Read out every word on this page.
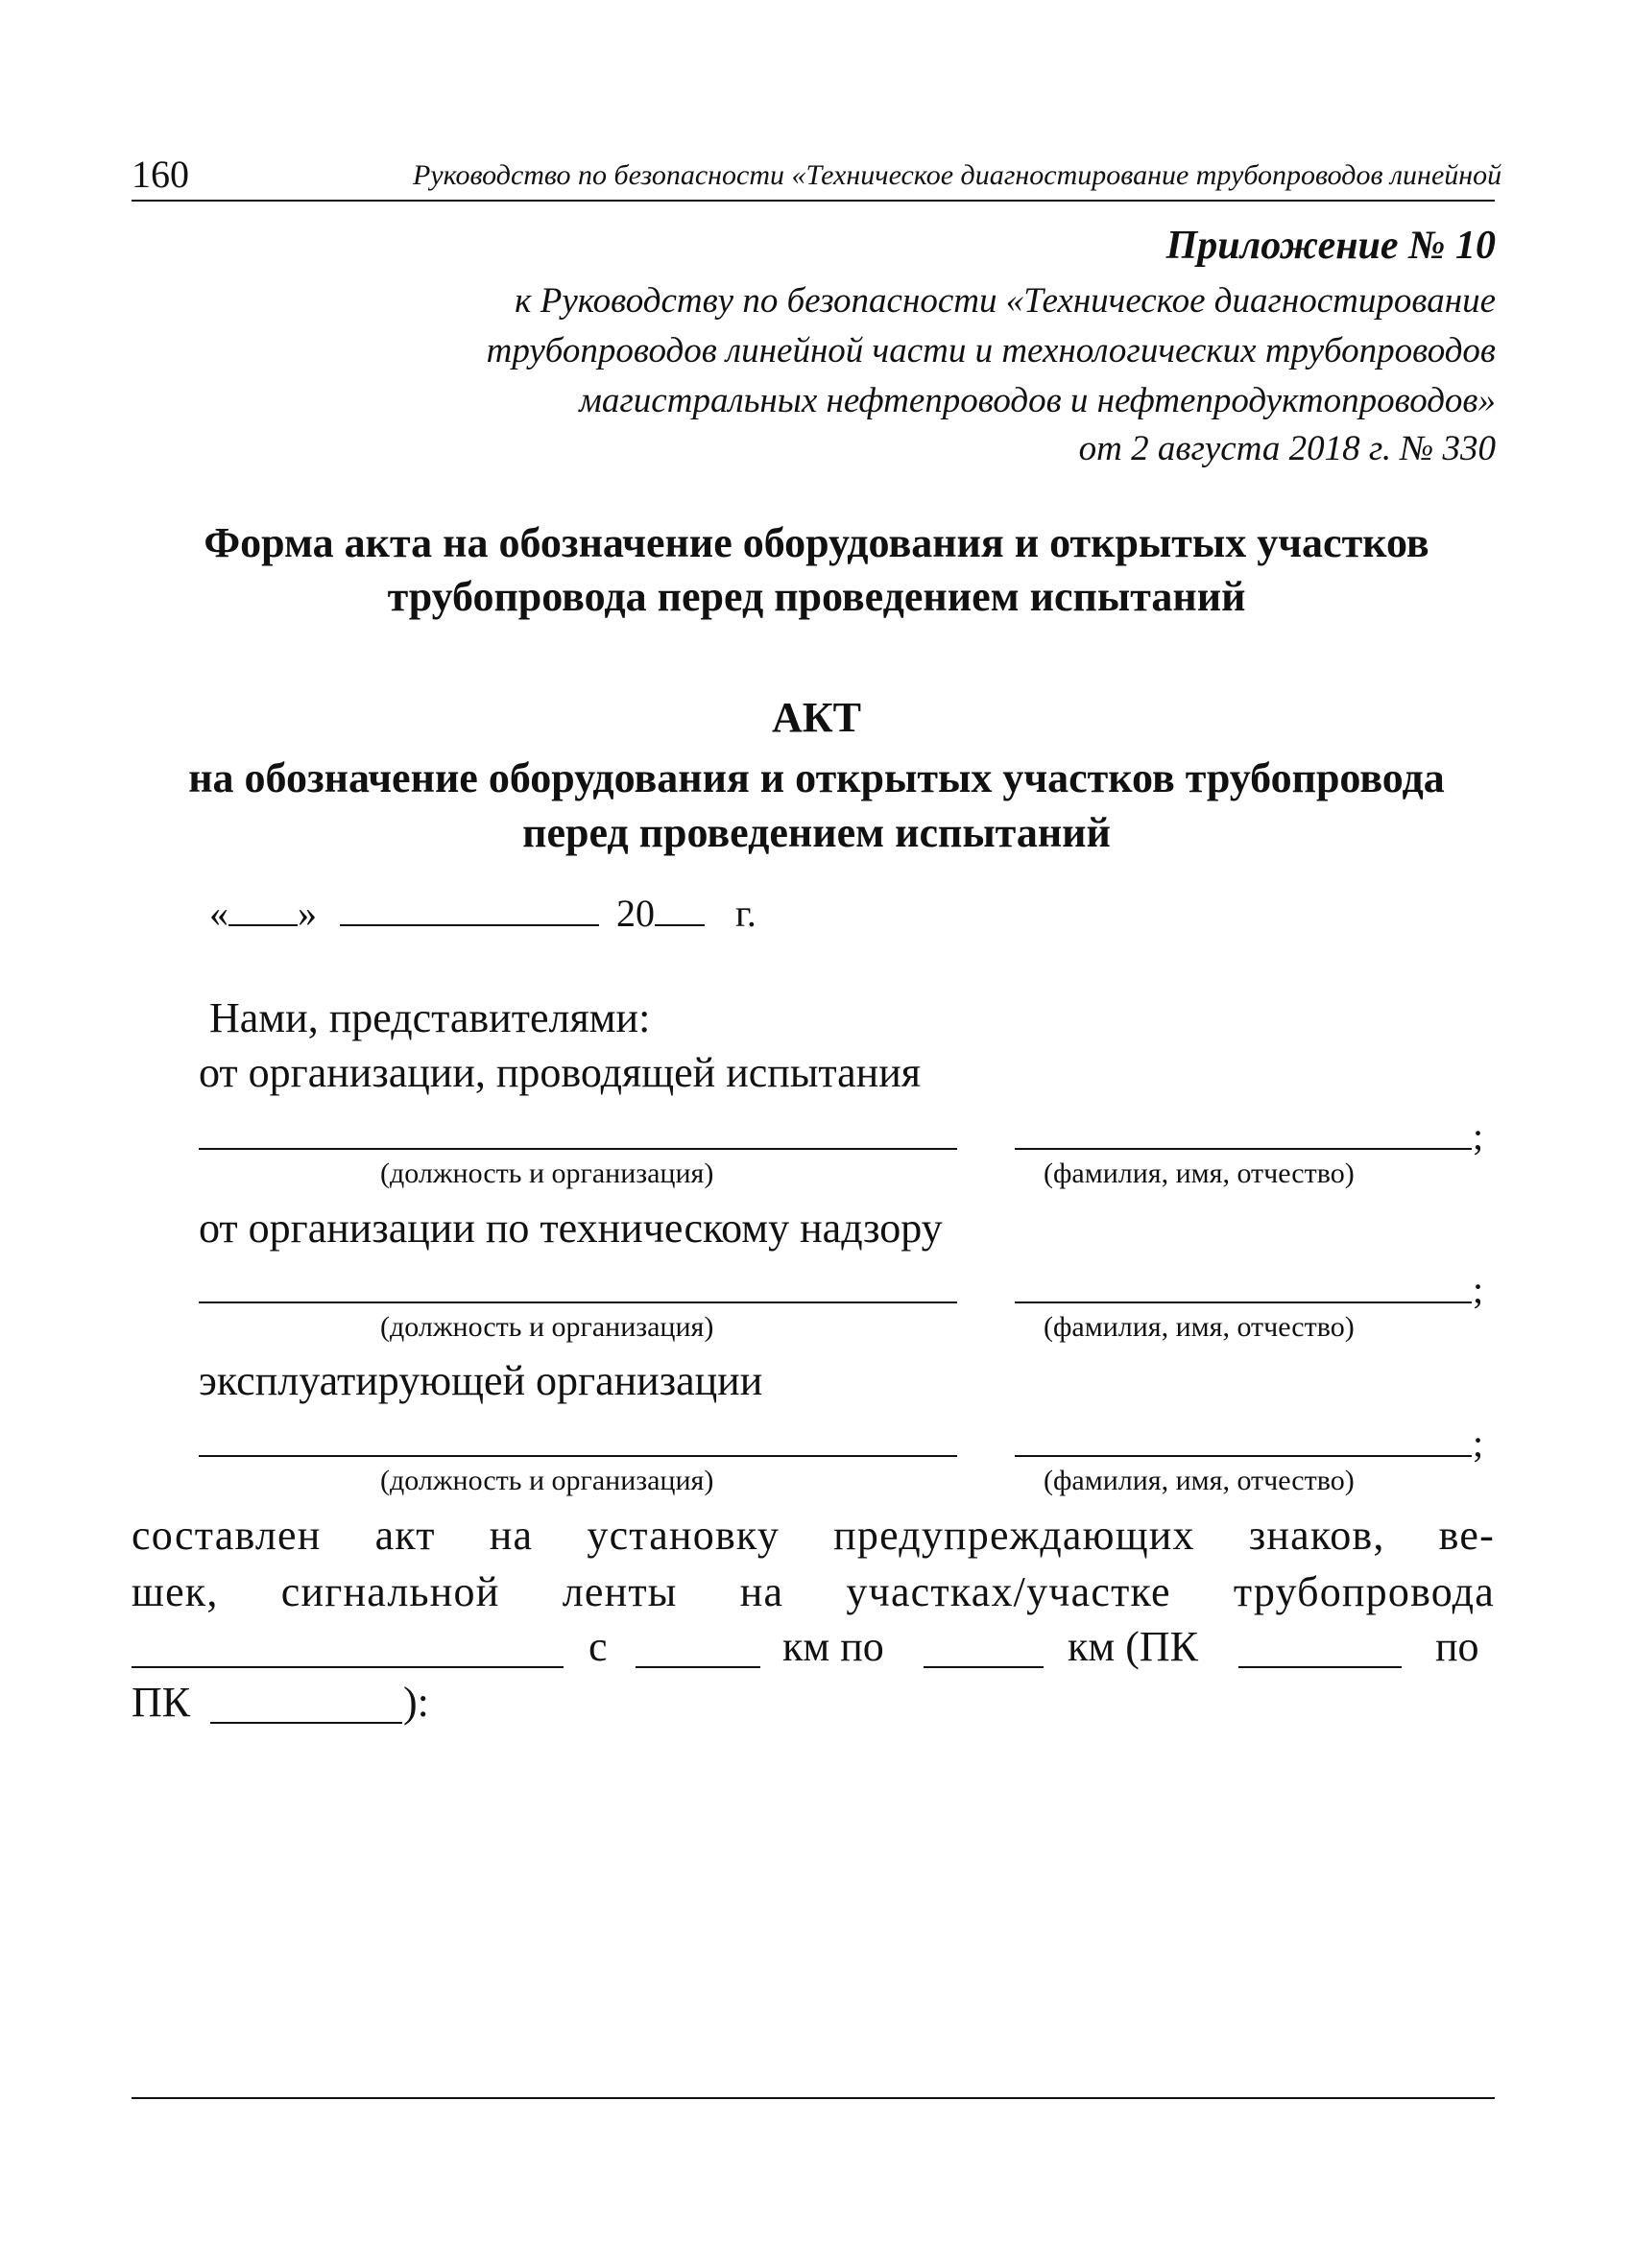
160	Руководство по безопасности «Техническое диагностирование трубопроводов линейной
Приложение № 10
к Руководству по безопасности «Техническое диагностирование
трубопроводов линейной части и технологических трубопроводов
магистральных нефтепроводов и нефтепродуктопроводов»
от 2 августа 2018 г. № 330
Форма акта на обозначение оборудования и открытых участков
трубопровода перед проведением испытаний
АКТ
на обозначение оборудования и открытых участков трубопровода
перед проведением испытаний
« »	20 г.
Нами, представителями:
от организации, проводящей испытания
;
(должность и организация)	(фамилия, имя, отчество)
от организации по техническому надзору
;
(должность и организация)	(фамилия, имя, отчество)
эксплуатирующей организации
;
(должность и организация)	(фамилия, имя, отчество)
составлен акт на установку предупреждающих знаков, ве-
шек, сигнальной ленты на участках/участке трубопровода
с	км по	км (ПК	по
ПК	):
